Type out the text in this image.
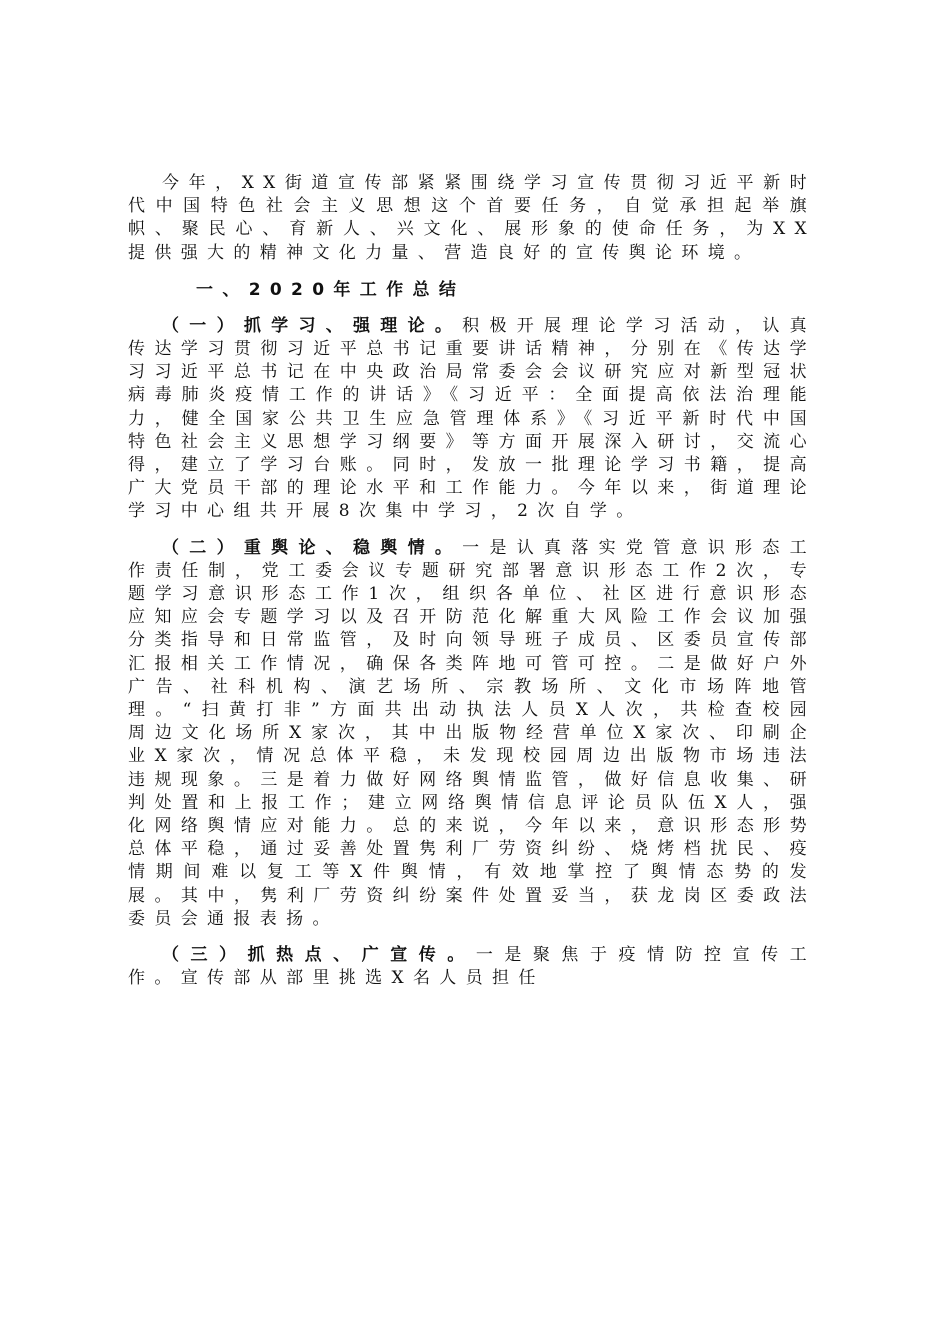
今年，XX街道宣传部紧紧围绕学习宣传贯彻习近平新时代中国特色社会主义思想这个首要任务，自觉承担起举旗帜、聚民心、育新人、兴文化、展形象的使命任务，为XX提供强大的精神文化力量、营造良好的宣传舆论环境。

一、2020年工作总结

（一）抓学习、强理论。积极开展理论学习活动，认真传达学习贯彻习近平总书记重要讲话精神，分别在《传达学习习近平总书记在中央政治局常委会会议研究应对新型冠状病毒肺炎疫情工作的讲话》《习近平：全面提高依法治理能力，健全国家公共卫生应急管理体系》《习近平新时代中国特色社会主义思想学习纲要》等方面开展深入研讨，交流心得，建立了学习台账。同时，发放一批理论学习书籍，提高广大党员干部的理论水平和工作能力。今年以来，街道理论学习中心组共开展8次集中学习，2次自学。

（二）重舆论、稳舆情。一是认真落实党管意识形态工作责任制，党工委会议专题研究部署意识形态工作2次，专题学习意识形态工作1次，组织各单位、社区进行意识形态应知应会专题学习以及召开防范化解重大风险工作会议加强分类指导和日常监管，及时向领导班子成员、区委员宣传部汇报相关工作情况，确保各类阵地可管可控。二是做好户外广告、社科机构、演艺场所、宗教场所、文化市场阵地管理。“扫黄打非”方面共出动执法人员X人次，共检查校园周边文化场所X家次，其中出版物经营单位X家次、印刷企业X家次，情况总体平稳，未发现校园周边出版物市场违法违规现象。三是着力做好网络舆情监管，做好信息收集、研判处置和上报工作；建立网络舆情信息评论员队伍X人，强化网络舆情应对能力。总的来说，今年以来，意识形态形势总体平稳，通过妥善处置隽利厂劳资纠纷、烧烤档扰民、疫情期间难以复工等X件舆情，有效地掌控了舆情态势的发展。其中，隽利厂劳资纠纷案件处置妥当，获龙岗区委政法委员会通报表扬。

（三）抓热点、广宣传。一是聚焦于疫情防控宣传工作。宣传部从部里挑选X名人员担任
